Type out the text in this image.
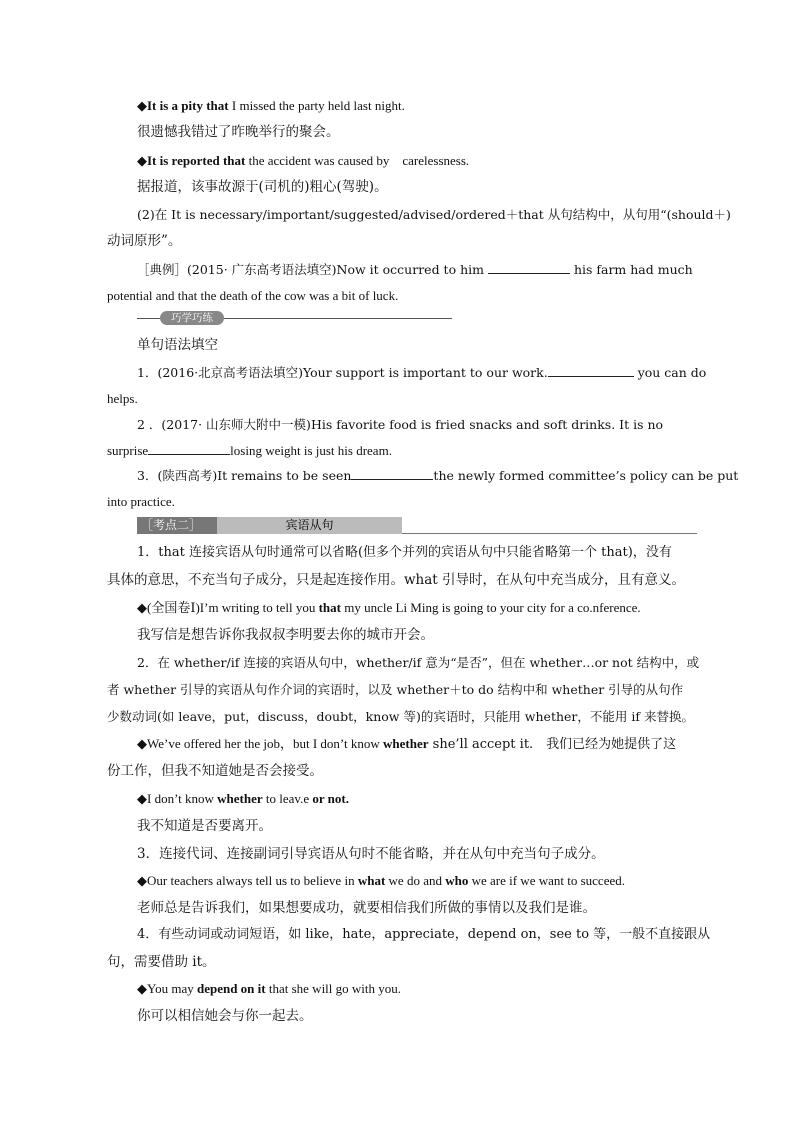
◆It is a pity that I missed the party held last night.
很遗憾我错过了昨晚举行的聚会。
◆It is reported that the accident was caused by　carelessness.
据报道，该事故源于(司机的)粗心(驾驶)。
(2)在 It is necessary/important/suggested/advised/ordered＋that 从句结构中，从句用“(should＋)
动词原形”。
［典例］(2015· 广东高考语法填空)Now it occurred to him	his farm had much
potential and that the death of the cow was a bit of luck.
巧学巧练
单句语法填空
1．(2016·北京高考语法填空)Your support is important to our work.	you can do
helps.
2 ．(2017· 山东师大附中一模)His favorite food is fried snacks and soft drinks. It is no
surprise	losing weight is just his dream.
3．(陕西高考)It remains to be seen	the newly formed committee’s policy can be put
into practice.
［考点二］	宾语从句
1．that 连接宾语从句时通常可以省略(但多个并列的宾语从句中只能省略第一个 that)，没有
具体的意思，不充当句子成分，只是起连接作用。what 引导时，在从句中充当成分，且有意义。
◆(全国卷Ⅰ)I’m writing to tell you that my uncle Li Ming is going to your city for a co.nference.
我写信是想告诉你我叔叔李明要去你的城市开会。
2．在 whether/if 连接的宾语从句中，whether/if 意为“是否”，但在 whether…or not 结构中，或
者 whether 引导的宾语从句作介词的宾语时，以及 whether＋to do 结构中和 whether 引导的从句作
少数动词(如 leave，put，discuss，doubt，know 等)的宾语时，只能用 whether，不能用 if 来替换。
◆We’ve offered her the job，but I don’t know whether she’ll accept it.　我们已经为她提供了这
份工作，但我不知道她是否会接受。
◆I don’t know whether to leav.e or not.
我不知道是否要离开。
3．连接代词、连接副词引导宾语从句时不能省略，并在从句中充当句子成分。
◆Our teachers always tell us to believe in what we do and who we are if we want to succeed.
老师总是告诉我们，如果想要成功，就要相信我们所做的事情以及我们是谁。
4．有些动词或动词短语，如 like，hate，appreciate，depend on，see to 等，一般不直接跟从
句，需要借助 it。
◆You may depend on it that she will go with you.
你可以相信她会与你一起去。
